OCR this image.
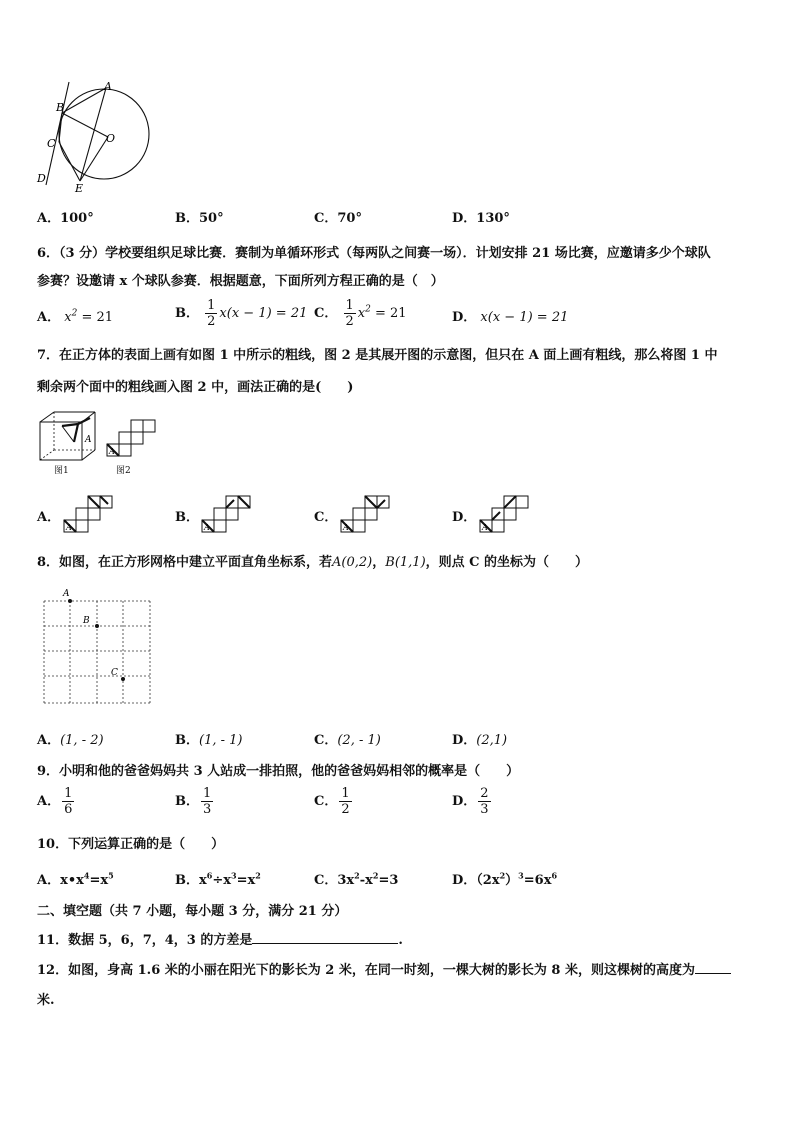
A
B
C	O
D
E
A．100°	B．50°	C．70°	D．130°
6．（3 分）学校要组织足球比赛．赛制为单循环形式（每两队之间赛一场）．计划安排 21 场比赛，应邀请多少个球队
参赛？设邀请 x 个球队参赛．根据题意，下面所列方程正确的是（　）
A． $x^2 = 21$	B． $\frac{1}{2} x(x - 1) = 21$ C． $\frac{1}{2} x^2 = 21$	D． x(x − 1) = 21
7．在正方体的表面上画有如图 1 中所示的粗线，图 2 是其展开图的示意图，但只在 A 面上画有粗线，那么将图 1 中
剩余两个面中的粗线画入图 2 中，画法正确的是(　　)
A
图1
A
图2
A．	B．	C．	D．
A	A	A	A
8．如图，在正方形网格中建立平面直角坐标系，若A(0,2)，B(1,1)，则点 C 的坐标为（　　）
A
B
C
A．(1, - 2)	B．(1, - 1)	C．(2, - 1)	D．(2,1)
9．小明和他的爸爸妈妈共 3 人站成一排拍照，他的爸爸妈妈相邻的概率是（　　）
A． $\frac{1}{6}$	B． $\frac{1}{3}$	C． $\frac{1}{2}$	D． $\frac{2}{3}$
10．下列运算正确的是（　　）
A．$x•x^4=x^5$	B．$x^6\div x^3=x^2$	C．$3x^2-x^2=3$	D．$(2x^2)^3=6x^6$
二、填空题（共 7 小题，每小题 3 分，满分 21 分）
11．数据 5，6，7，4，3 的方差是	.
12．如图，身高 1.6 米的小丽在阳光下的影长为 2 米，在同一时刻，一棵大树的影长为 8 米，则这棵树的高度为
米.
